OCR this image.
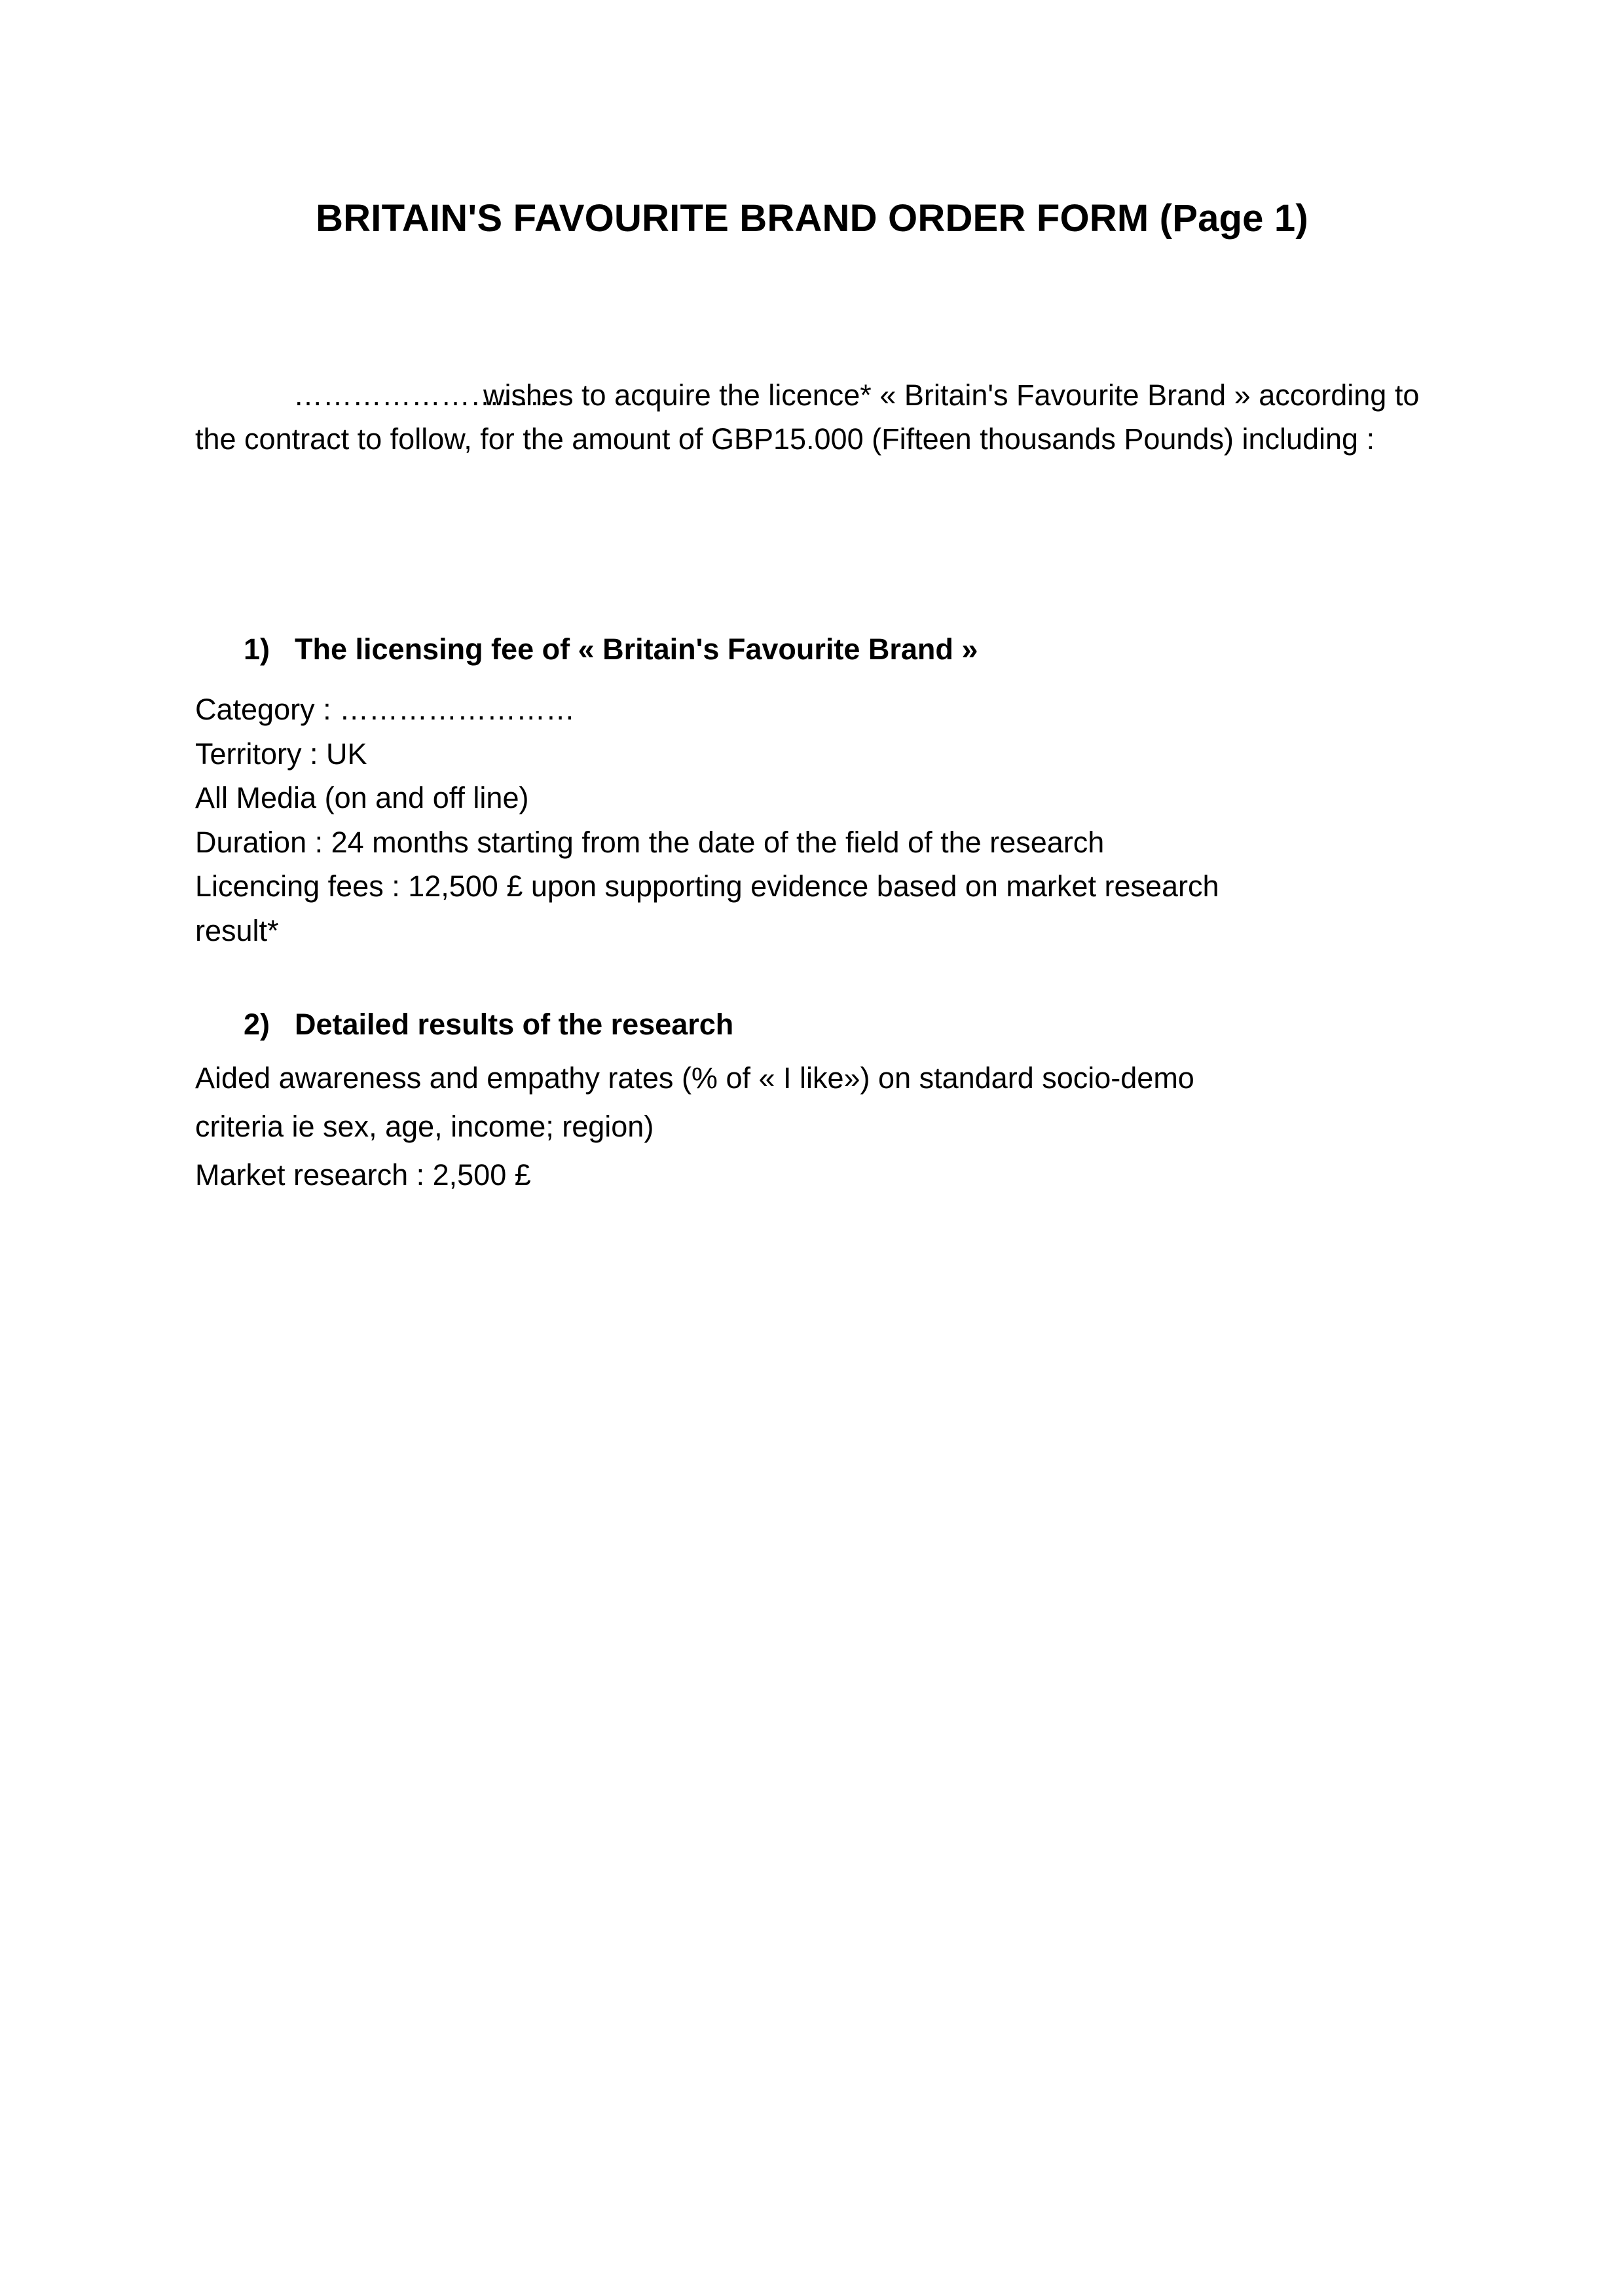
BRITAIN'S FAVOURITE BRAND ORDER FORM (Page 1)
………………………wishes to acquire the licence* « Britain's Favourite Brand » according to the contract to follow, for the amount of GBP15.000 (Fifteen thousands Pounds) including :
1) The licensing fee of « Britain's Favourite Brand »
Category : ……………………
Territory : UK
All Media (on and off line)
Duration : 24 months starting from the date of the field of the research
Licencing fees : 12,500 £ upon supporting evidence based on market research
result*
2) Detailed results of the research
Aided awareness and empathy rates (% of « I like») on standard socio-demo
criteria ie sex, age, income; region)
Market research : 2,500 £
